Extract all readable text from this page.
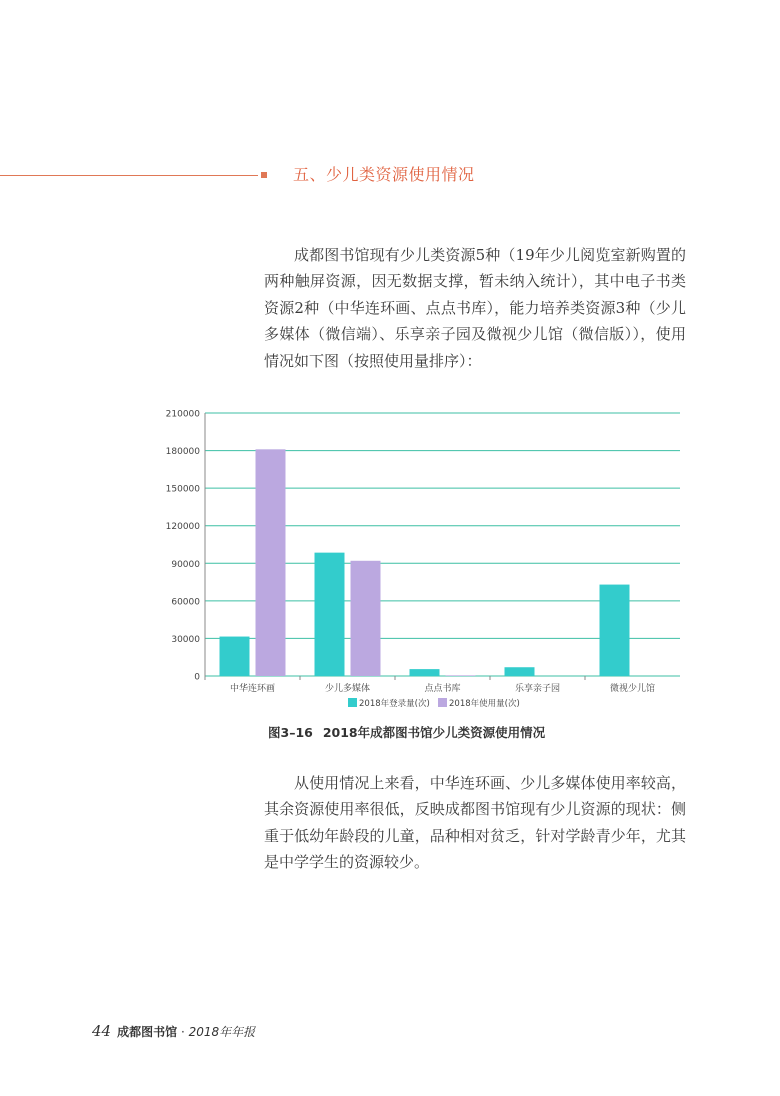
五、少儿类资源使用情况
成都图书馆现有少儿类资源5种（19年少儿阅览室新购置的两种触屏资源，因无数据支撑，暂未纳入统计），其中电子书类资源2种（中华连环画、点点书库），能力培养类资源3种（少儿多媒体（微信端）、乐享亲子园及微视少儿馆（微信版）），使用情况如下图（按照使用量排序）：
0
30000
60000
90000
120000
150000
180000
210000
中华连环画	少儿多媒体	点点书库	乐享亲子园	微视少儿馆
2018年登录量(次) 2018年使用量(次)
图3–16 2018年成都图书馆少儿类资源使用情况
从使用情况上来看，中华连环画、少儿多媒体使用率较高，其余资源使用率很低，反映成都图书馆现有少儿资源的现状：侧重于低幼年龄段的儿童，品种相对贫乏，针对学龄青少年，尤其是中学学生的资源较少。
44 成都图书馆 · 2018年年报
